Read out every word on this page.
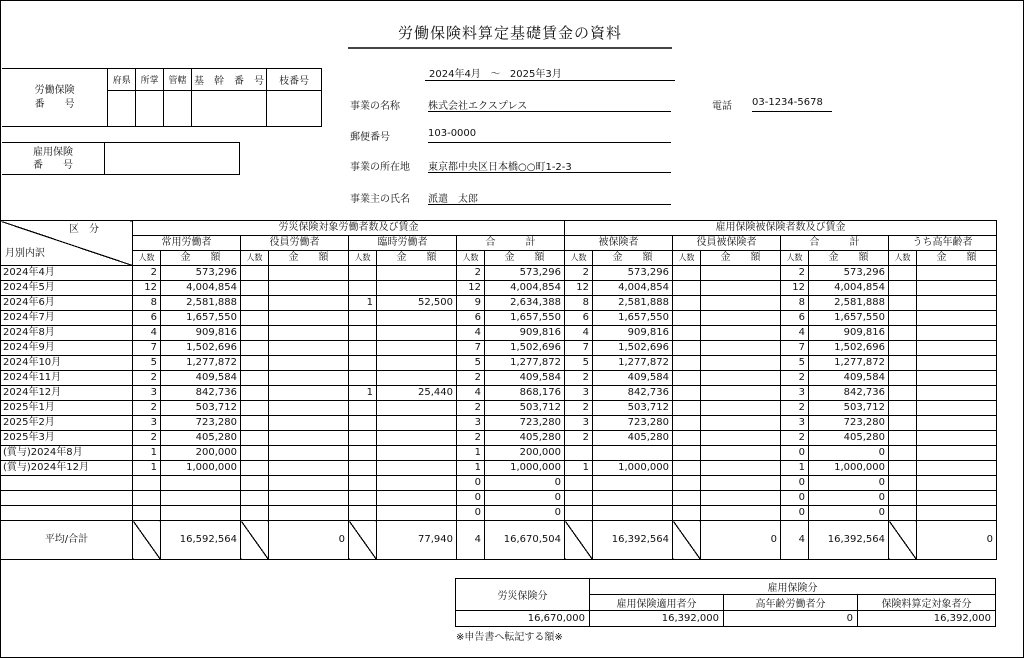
労働保険料算定基礎賃金の資料
労働保険
番　　号	府県	所掌	管轄	基　幹　番　号	枝番号

雇用保険
番　　号	
2024年4月 ～ 2025年3月
事業の名称	株式会社エクスプレス	電話 03-1234-5678
郵便番号	103-0000
事業の所在地 東京都中央区日本橋○○町1-2-3
事業主の氏名 派遣　太郎
区　分
月別内訳	労災保険対象労働者数及び賃金								雇用保険被保険者数及び賃金							
	常用労働者		役員労働者		臨時労働者		合　　　計		被保険者		役員被保険者		合　　　計		うち高年齢者	
	人数	金　　額	人数	金　　額	人数	金　　額	人数	金　　額	人数	金　　額	人数	金　　額	人数	金　　額	人数	金　　額
2024年4月	2	573,296					2	573,296	2	573,296			2	573,296		
2024年5月	12	4,004,854					12	4,004,854	12	4,004,854			12	4,004,854		
2024年6月	8	2,581,888			1	52,500	9	2,634,388	8	2,581,888			8	2,581,888		
2024年7月	6	1,657,550					6	1,657,550	6	1,657,550			6	1,657,550		
2024年8月	4	909,816					4	909,816	4	909,816			4	909,816		
2024年9月	7	1,502,696					7	1,502,696	7	1,502,696			7	1,502,696		
2024年10月	5	1,277,872					5	1,277,872	5	1,277,872			5	1,277,872		
2024年11月	2	409,584					2	409,584	2	409,584			2	409,584		
2024年12月	3	842,736			1	25,440	4	868,176	3	842,736			3	842,736		
2025年1月	2	503,712					2	503,712	2	503,712			2	503,712		
2025年2月	3	723,280					3	723,280	3	723,280			3	723,280		
2025年3月	2	405,280					2	405,280	2	405,280			2	405,280		
(賞与)2024年8月	1	200,000					1	200,000					0	0		
(賞与)2024年12月	1	1,000,000					1	1,000,000	1	1,000,000			1	1,000,000		
							0	0					0	0		
							0	0					0	0		
							0	0					0	0		
平均/合計		16,592,564		0		77,940	4	16,670,504		16,392,564		0	4	16,392,564		0
労災保険分	雇用保険分		
	雇用保険適用者分	高年齢労働者分	保険料算定対象者分
16,670,000	16,392,000	0	16,392,000
※申告書へ転記する額※
